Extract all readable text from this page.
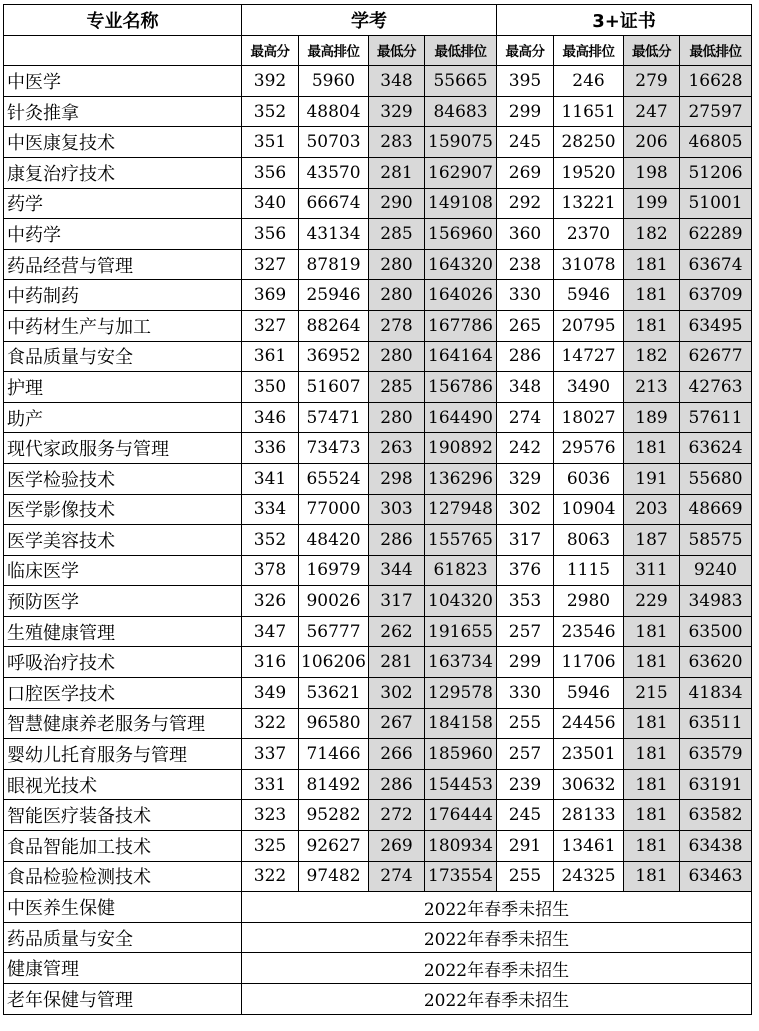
专业名称	学考				3+证书			
	最高分	最高排位	最低分	最低排位	最高分	最高排位	最低分	最低排位
中医学	392	5960	348	55665	395	246	279	16628
针灸推拿	352	48804	329	84683	299	11651	247	27597
中医康复技术	351	50703	283	159075	245	28250	206	46805
康复治疗技术	356	43570	281	162907	269	19520	198	51206
药学	340	66674	290	149108	292	13221	199	51001
中药学	356	43134	285	156960	360	2370	182	62289
药品经营与管理	327	87819	280	164320	238	31078	181	63674
中药制药	369	25946	280	164026	330	5946	181	63709
中药材生产与加工	327	88264	278	167786	265	20795	181	63495
食品质量与安全	361	36952	280	164164	286	14727	182	62677
护理	350	51607	285	156786	348	3490	213	42763
助产	346	57471	280	164490	274	18027	189	57611
现代家政服务与管理	336	73473	263	190892	242	29576	181	63624
医学检验技术	341	65524	298	136296	329	6036	191	55680
医学影像技术	334	77000	303	127948	302	10904	203	48669
医学美容技术	352	48420	286	155765	317	8063	187	58575
临床医学	378	16979	344	61823	376	1115	311	9240
预防医学	326	90026	317	104320	353	2980	229	34983
生殖健康管理	347	56777	262	191655	257	23546	181	63500
呼吸治疗技术	316	106206	281	163734	299	11706	181	63620
口腔医学技术	349	53621	302	129578	330	5946	215	41834
智慧健康养老服务与管理	322	96580	267	184158	255	24456	181	63511
婴幼儿托育服务与管理	337	71466	266	185960	257	23501	181	63579
眼视光技术	331	81492	286	154453	239	30632	181	63191
智能医疗装备技术	323	95282	272	176444	245	28133	181	63582
食品智能加工技术	325	92627	269	180934	291	13461	181	63438
食品检验检测技术	322	97482	274	173554	255	24325	181	63463
中医养生保健	2022年春季未招生							
药品质量与安全	2022年春季未招生							
健康管理	2022年春季未招生							
老年保健与管理	2022年春季未招生							
